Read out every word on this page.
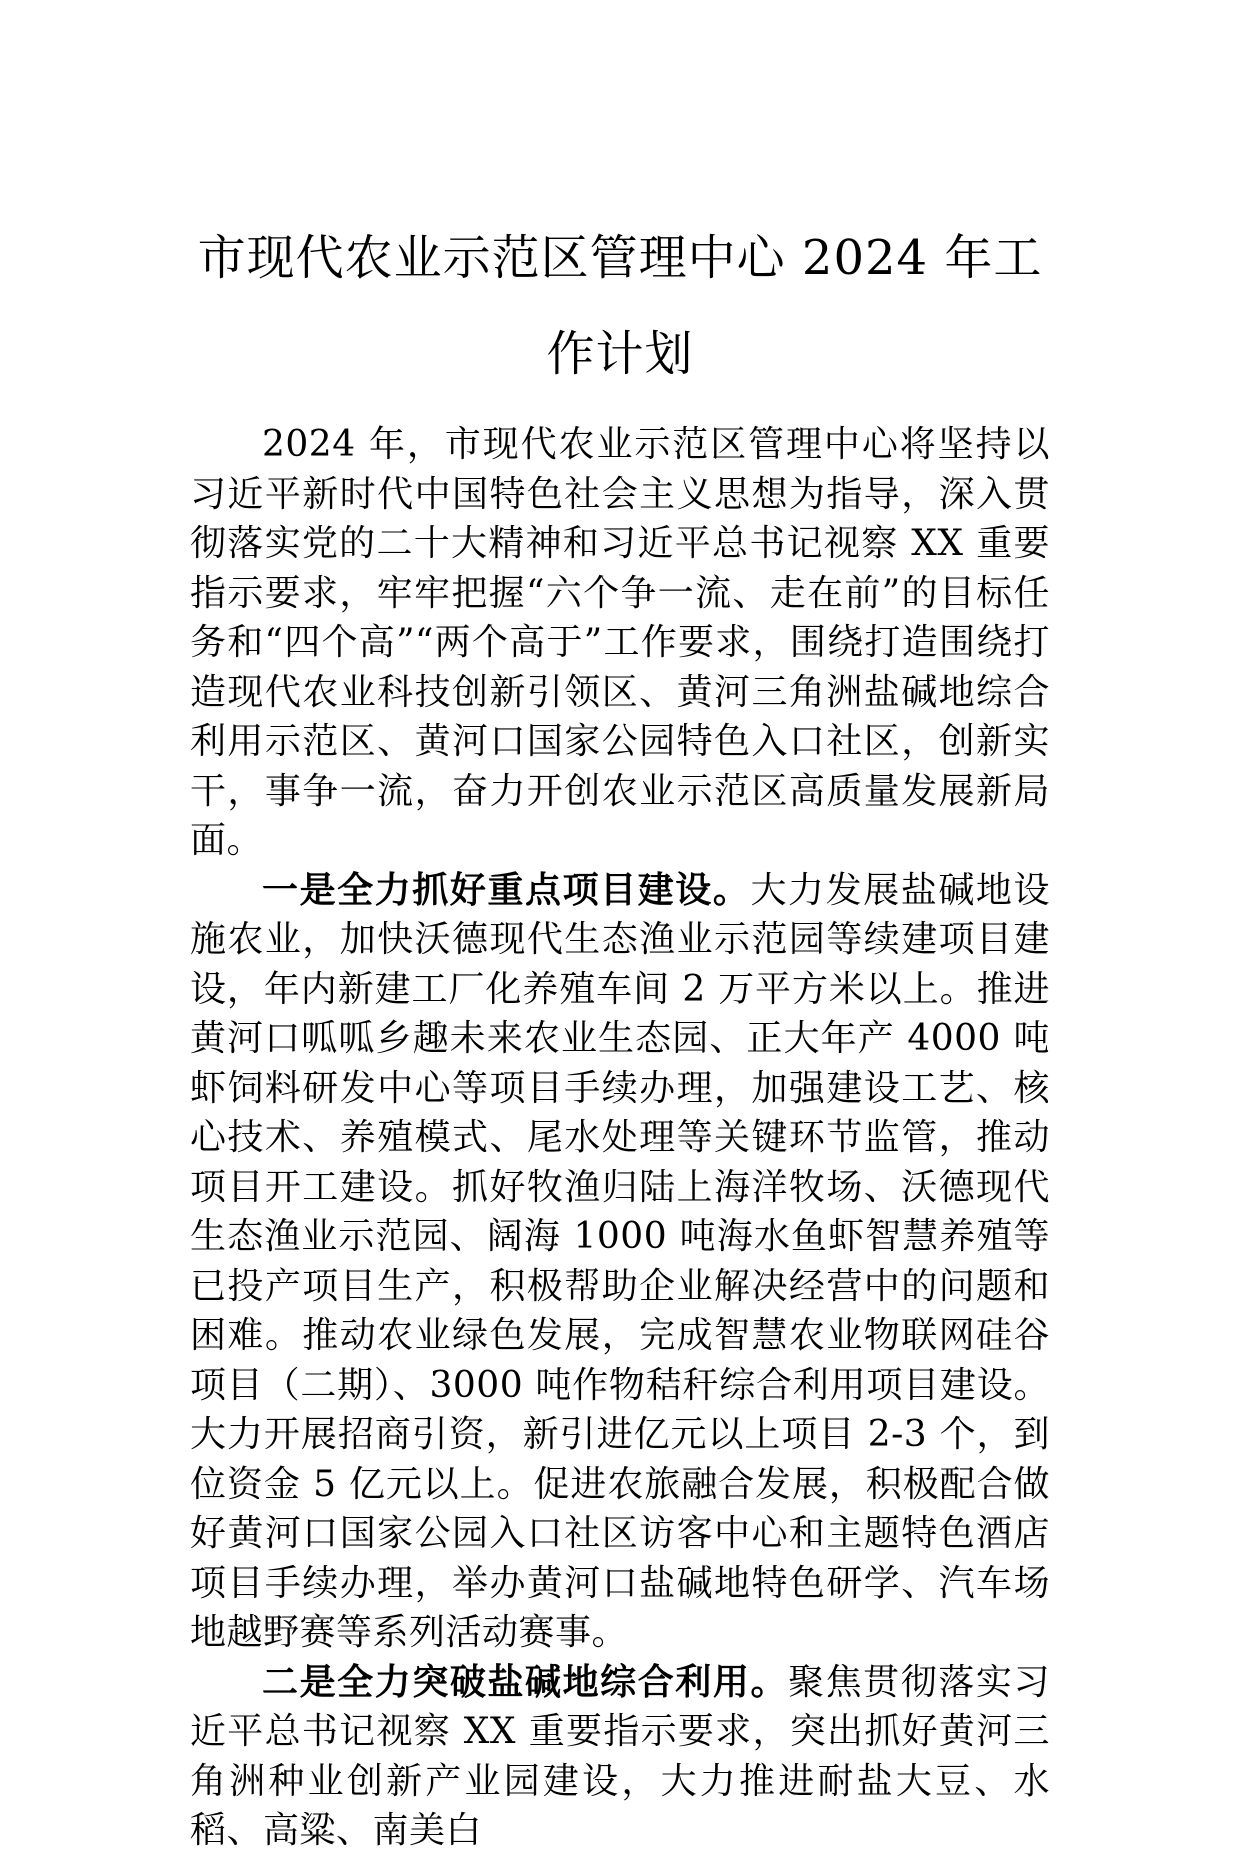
市现代农业示范区管理中心 2024 年工作计划

2024 年，市现代农业示范区管理中心将坚持以习近平新时代中国特色社会主义思想为指导，深入贯彻落实党的二十大精神和习近平总书记视察 XX 重要指示要求，牢牢把握“六个争一流、走在前”的目标任务和“四个高”“两个高于”工作要求，围绕打造围绕打造现代农业科技创新引领区、黄河三角洲盐碱地综合利用示范区、黄河口国家公园特色入口社区，创新实干，事争一流，奋力开创农业示范区高质量发展新局面。

一是全力抓好重点项目建设。大力发展盐碱地设施农业，加快沃德现代生态渔业示范园等续建项目建设，年内新建工厂化养殖车间 2 万平方米以上。推进黄河口呱呱乡趣未来农业生态园、正大年产 4000 吨虾饲料研发中心等项目手续办理，加强建设工艺、核心技术、养殖模式、尾水处理等关键环节监管，推动项目开工建设。抓好牧渔归陆上海洋牧场、沃德现代生态渔业示范园、阔海 1000 吨海水鱼虾智慧养殖等已投产项目生产，积极帮助企业解决经营中的问题和困难。推动农业绿色发展，完成智慧农业物联网硅谷项目（二期）、3000 吨作物秸秆综合利用项目建设。大力开展招商引资，新引进亿元以上项目 2-3 个，到位资金 5 亿元以上。促进农旅融合发展，积极配合做好黄河口国家公园入口社区访客中心和主题特色酒店项目手续办理，举办黄河口盐碱地特色研学、汽车场地越野赛等系列活动赛事。

二是全力突破盐碱地综合利用。聚焦贯彻落实习近平总书记视察 XX 重要指示要求，突出抓好黄河三角洲种业创新产业园建设，大力推进耐盐大豆、水稻、高粱、南美白
